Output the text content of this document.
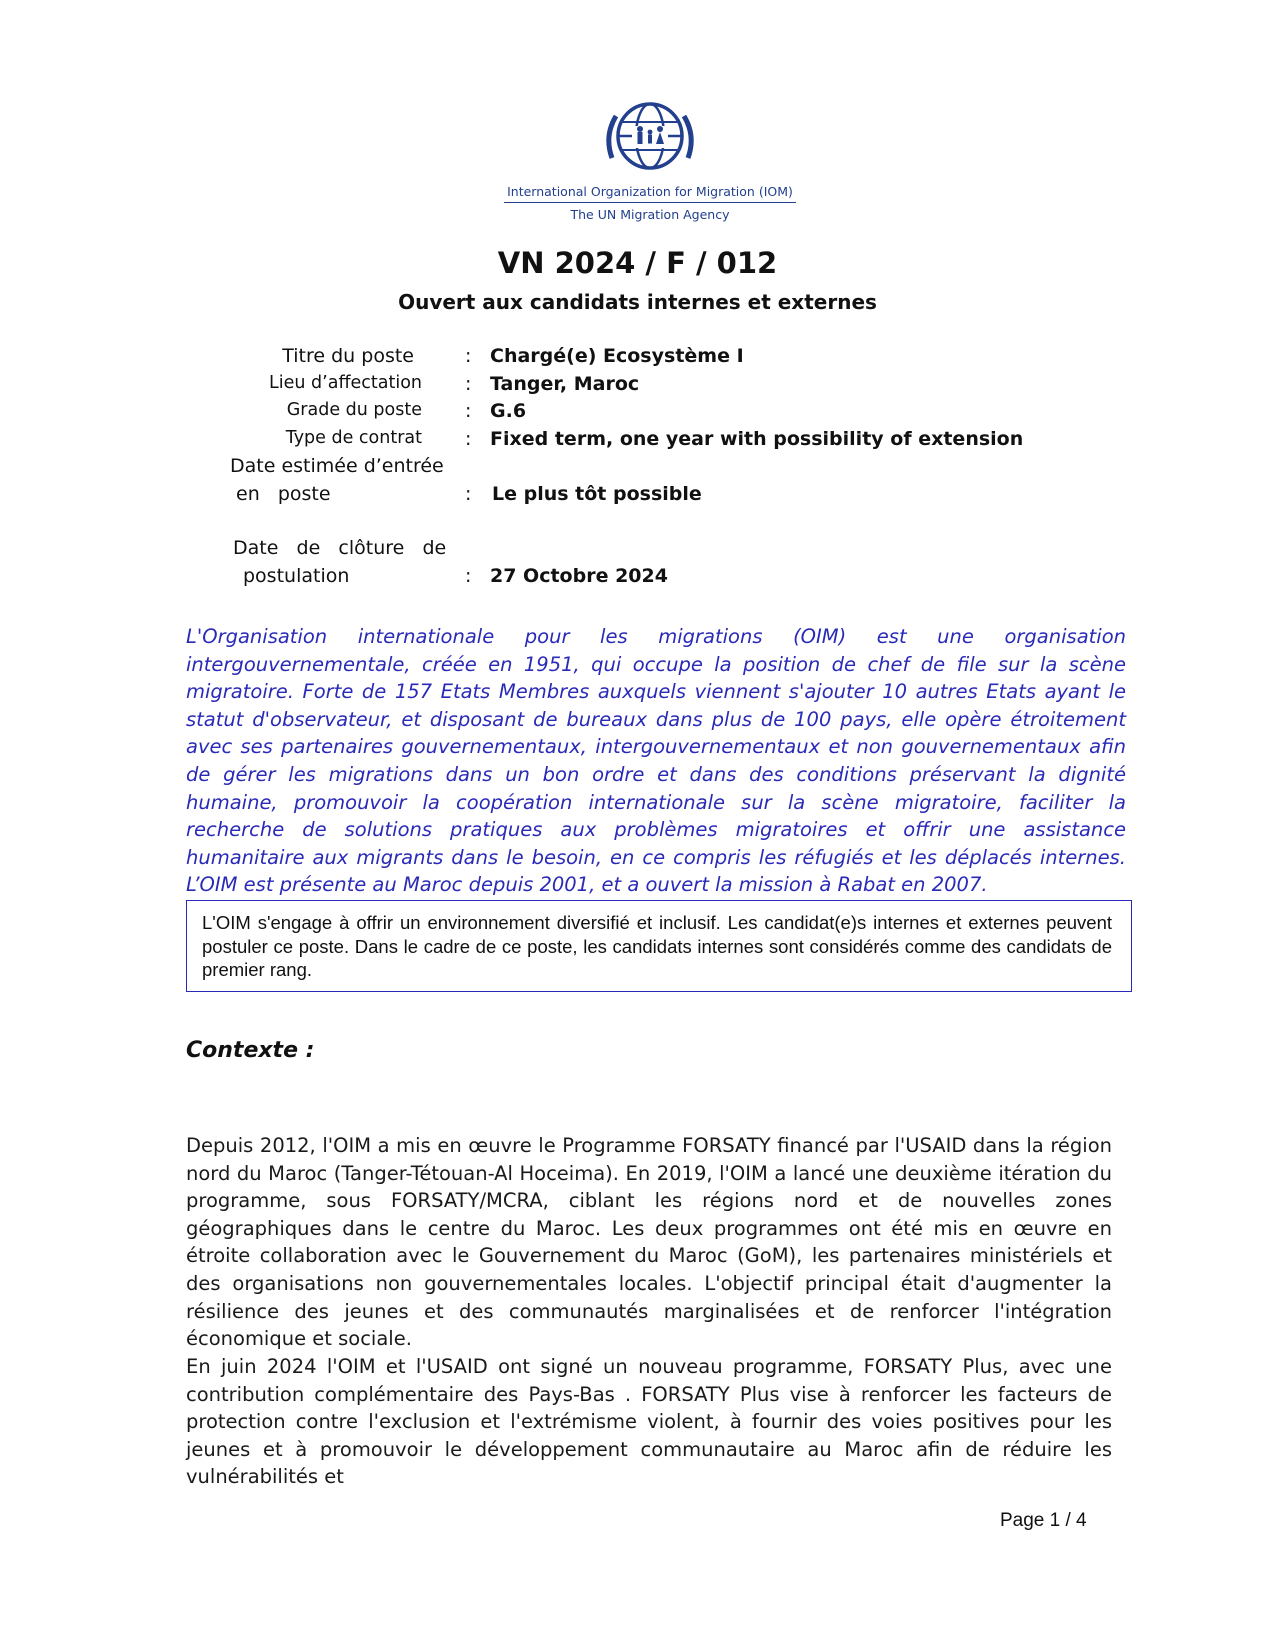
International Organization for Migration (IOM)
The UN Migration Agency
VN 2024 / F / 012
Ouvert aux candidats internes et externes
Titre du poste	: Chargé(e) Ecosystème I
Lieu d’affectation : Tanger, Maroc
Grade du poste : G.6
Type de contrat : Fixed term, one year with possibility of extension
Date estimée d’entrée
en   poste	: Le plus tôt possible
Date   de   clôture   de
postulation	: 27 Octobre 2024
L'Organisation internationale pour les migrations (OIM) est une organisation intergouvernementale, créée en 1951, qui occupe la position de chef de file sur la scène migratoire. Forte de 157 Etats Membres auxquels viennent s'ajouter 10 autres Etats ayant le statut d'observateur, et disposant de bureaux dans plus de 100 pays, elle opère étroitement avec ses partenaires gouvernementaux, intergouvernementaux et non gouvernementaux afin de gérer les migrations dans un bon ordre et dans des conditions préservant la dignité humaine, promouvoir la coopération internationale sur la scène migratoire, faciliter la recherche de solutions pratiques aux problèmes migratoires et offrir une assistance humanitaire aux migrants dans le besoin, en ce compris les réfugiés et les déplacés internes. L’OIM est présente au Maroc depuis 2001, et a ouvert la mission à Rabat en 2007.
L'OIM s'engage à offrir un environnement diversifié et inclusif. Les candidat(e)s internes et externes peuvent postuler ce poste. Dans le cadre de ce poste, les candidats internes sont considérés comme des candidats de premier rang.
Contexte :
Depuis 2012, l'OIM a mis en œuvre le Programme FORSATY financé par l'USAID dans la région nord du Maroc (Tanger-Tétouan-Al Hoceima). En 2019, l'OIM a lancé une deuxième itération du programme, sous FORSATY/MCRA, ciblant les régions nord et de nouvelles zones géographiques dans le centre du Maroc. Les deux programmes ont été mis en œuvre en étroite collaboration avec le Gouvernement du Maroc (GoM), les partenaires ministériels et des organisations non gouvernementales locales. L'objectif principal était d'augmenter la résilience des jeunes et des communautés marginalisées et de renforcer l'intégration économique et sociale.
En juin 2024 l'OIM et l'USAID ont signé un nouveau programme, FORSATY Plus, avec une contribution complémentaire des Pays-Bas . FORSATY Plus vise à renforcer les facteurs de protection contre l'exclusion et l'extrémisme violent, à fournir des voies positives pour les jeunes et à promouvoir le développement communautaire au Maroc afin de réduire les vulnérabilités et
Page 1 / 4
